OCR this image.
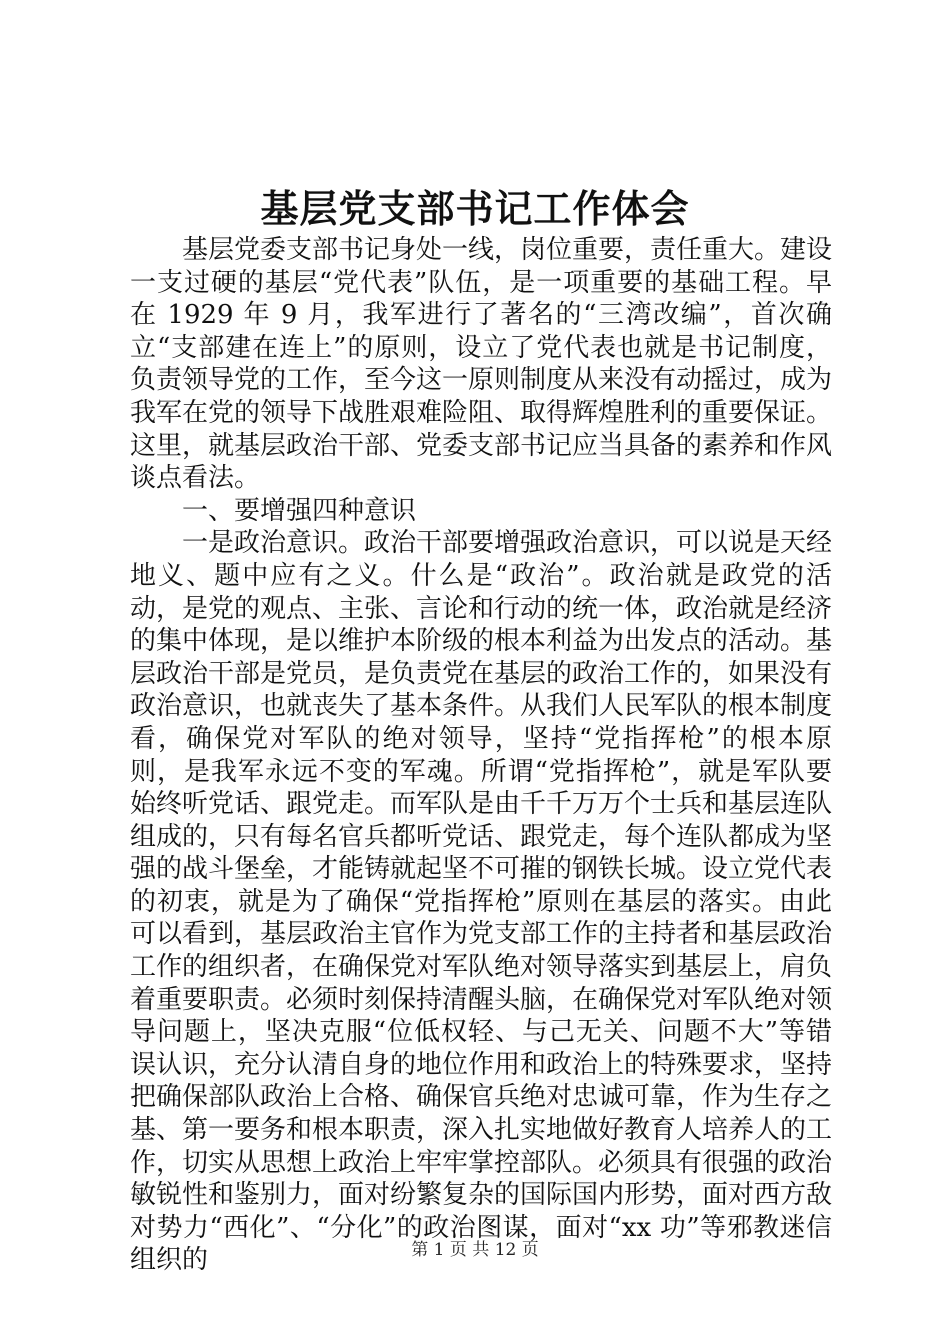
基层党支部书记工作体会

基层党委支部书记身处一线，岗位重要，责任重大。建设一支过硬的基层“党代表”队伍，是一项重要的基础工程。早在 1929 年 9 月，我军进行了著名的“三湾改编”，首次确立“支部建在连上”的原则，设立了党代表也就是书记制度，负责领导党的工作，至今这一原则制度从来没有动摇过，成为我军在党的领导下战胜艰难险阻、取得辉煌胜利的重要保证。这里，就基层政治干部、党委支部书记应当具备的素养和作风谈点看法。

一、要增强四种意识

一是政治意识。政治干部要增强政治意识，可以说是天经地义、题中应有之义。什么是“政治”。政治就是政党的活动，是党的观点、主张、言论和行动的统一体，政治就是经济的集中体现，是以维护本阶级的根本利益为出发点的活动。基层政治干部是党员，是负责党在基层的政治工作的，如果没有政治意识，也就丧失了基本条件。从我们人民军队的根本制度看，确保党对军队的绝对领导，坚持“党指挥枪”的根本原则，是我军永远不变的军魂。所谓“党指挥枪”，就是军队要始终听党话、跟党走。而军队是由千千万万个士兵和基层连队组成的，只有每名官兵都听党话、跟党走，每个连队都成为坚强的战斗堡垒，才能铸就起坚不可摧的钢铁长城。设立党代表的初衷，就是为了确保“党指挥枪”原则在基层的落实。由此可以看到，基层政治主官作为党支部工作的主持者和基层政治工作的组织者，在确保党对军队绝对领导落实到基层上，肩负着重要职责。必须时刻保持清醒头脑，在确保党对军队绝对领导问题上，坚决克服“位低权轻、与己无关、问题不大”等错误认识，充分认清自身的地位作用和政治上的特殊要求，坚持把确保部队政治上合格、确保官兵绝对忠诚可靠，作为生存之基、第一要务和根本职责，深入扎实地做好教育人培养人的工作，切实从思想上政治上牢牢掌控部队。必须具有很强的政治敏锐性和鉴别力，面对纷繁复杂的国际国内形势，面对西方敌对势力“西化”、“分化”的政治图谋，面对“xx 功”等邪教迷信组织的	第 1 页 共 12 页
